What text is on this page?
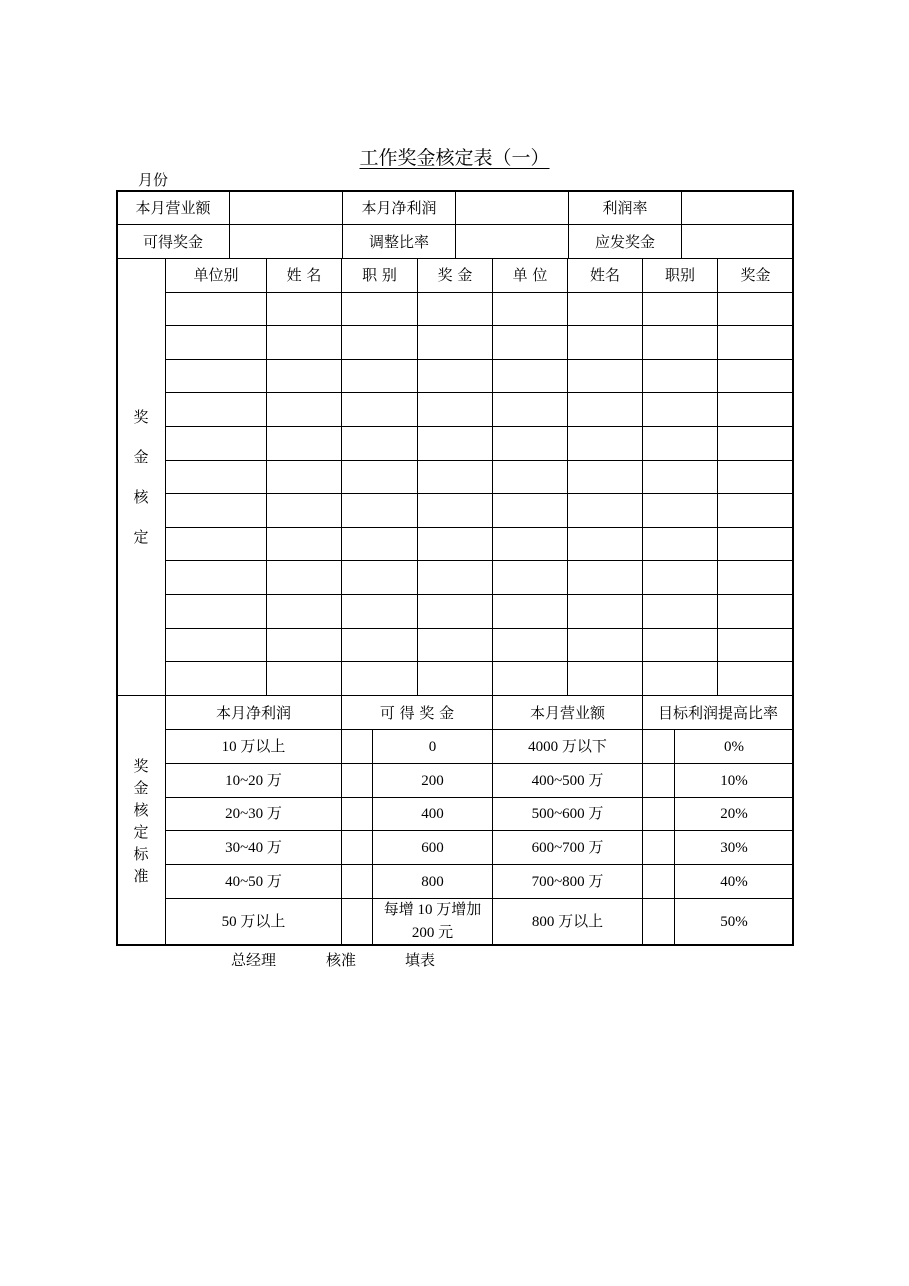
工作奖金核定表（一）
月份
50%
800 万以上
每增 10 万增加 200 元
50 万以上
40%
700~800 万
800
40~50 万
30%
600~700 万
600
30~40 万
20%
500~600 万
400
20~30 万
10%
400~500 万
200
10~20 万
0%
4000 万以下
0
10 万以上
目标利润提高比率
本月营业额
可 得 奖 金
本月净利润
奖
金
核
定
标
准
奖金
职别
姓名
单 位
奖 金
职 别
姓 名
单位别
奖
金
核
定
应发奖金
调整比率
可得奖金
利润率
本月净利润
本月营业额
总经理	核准	填表
